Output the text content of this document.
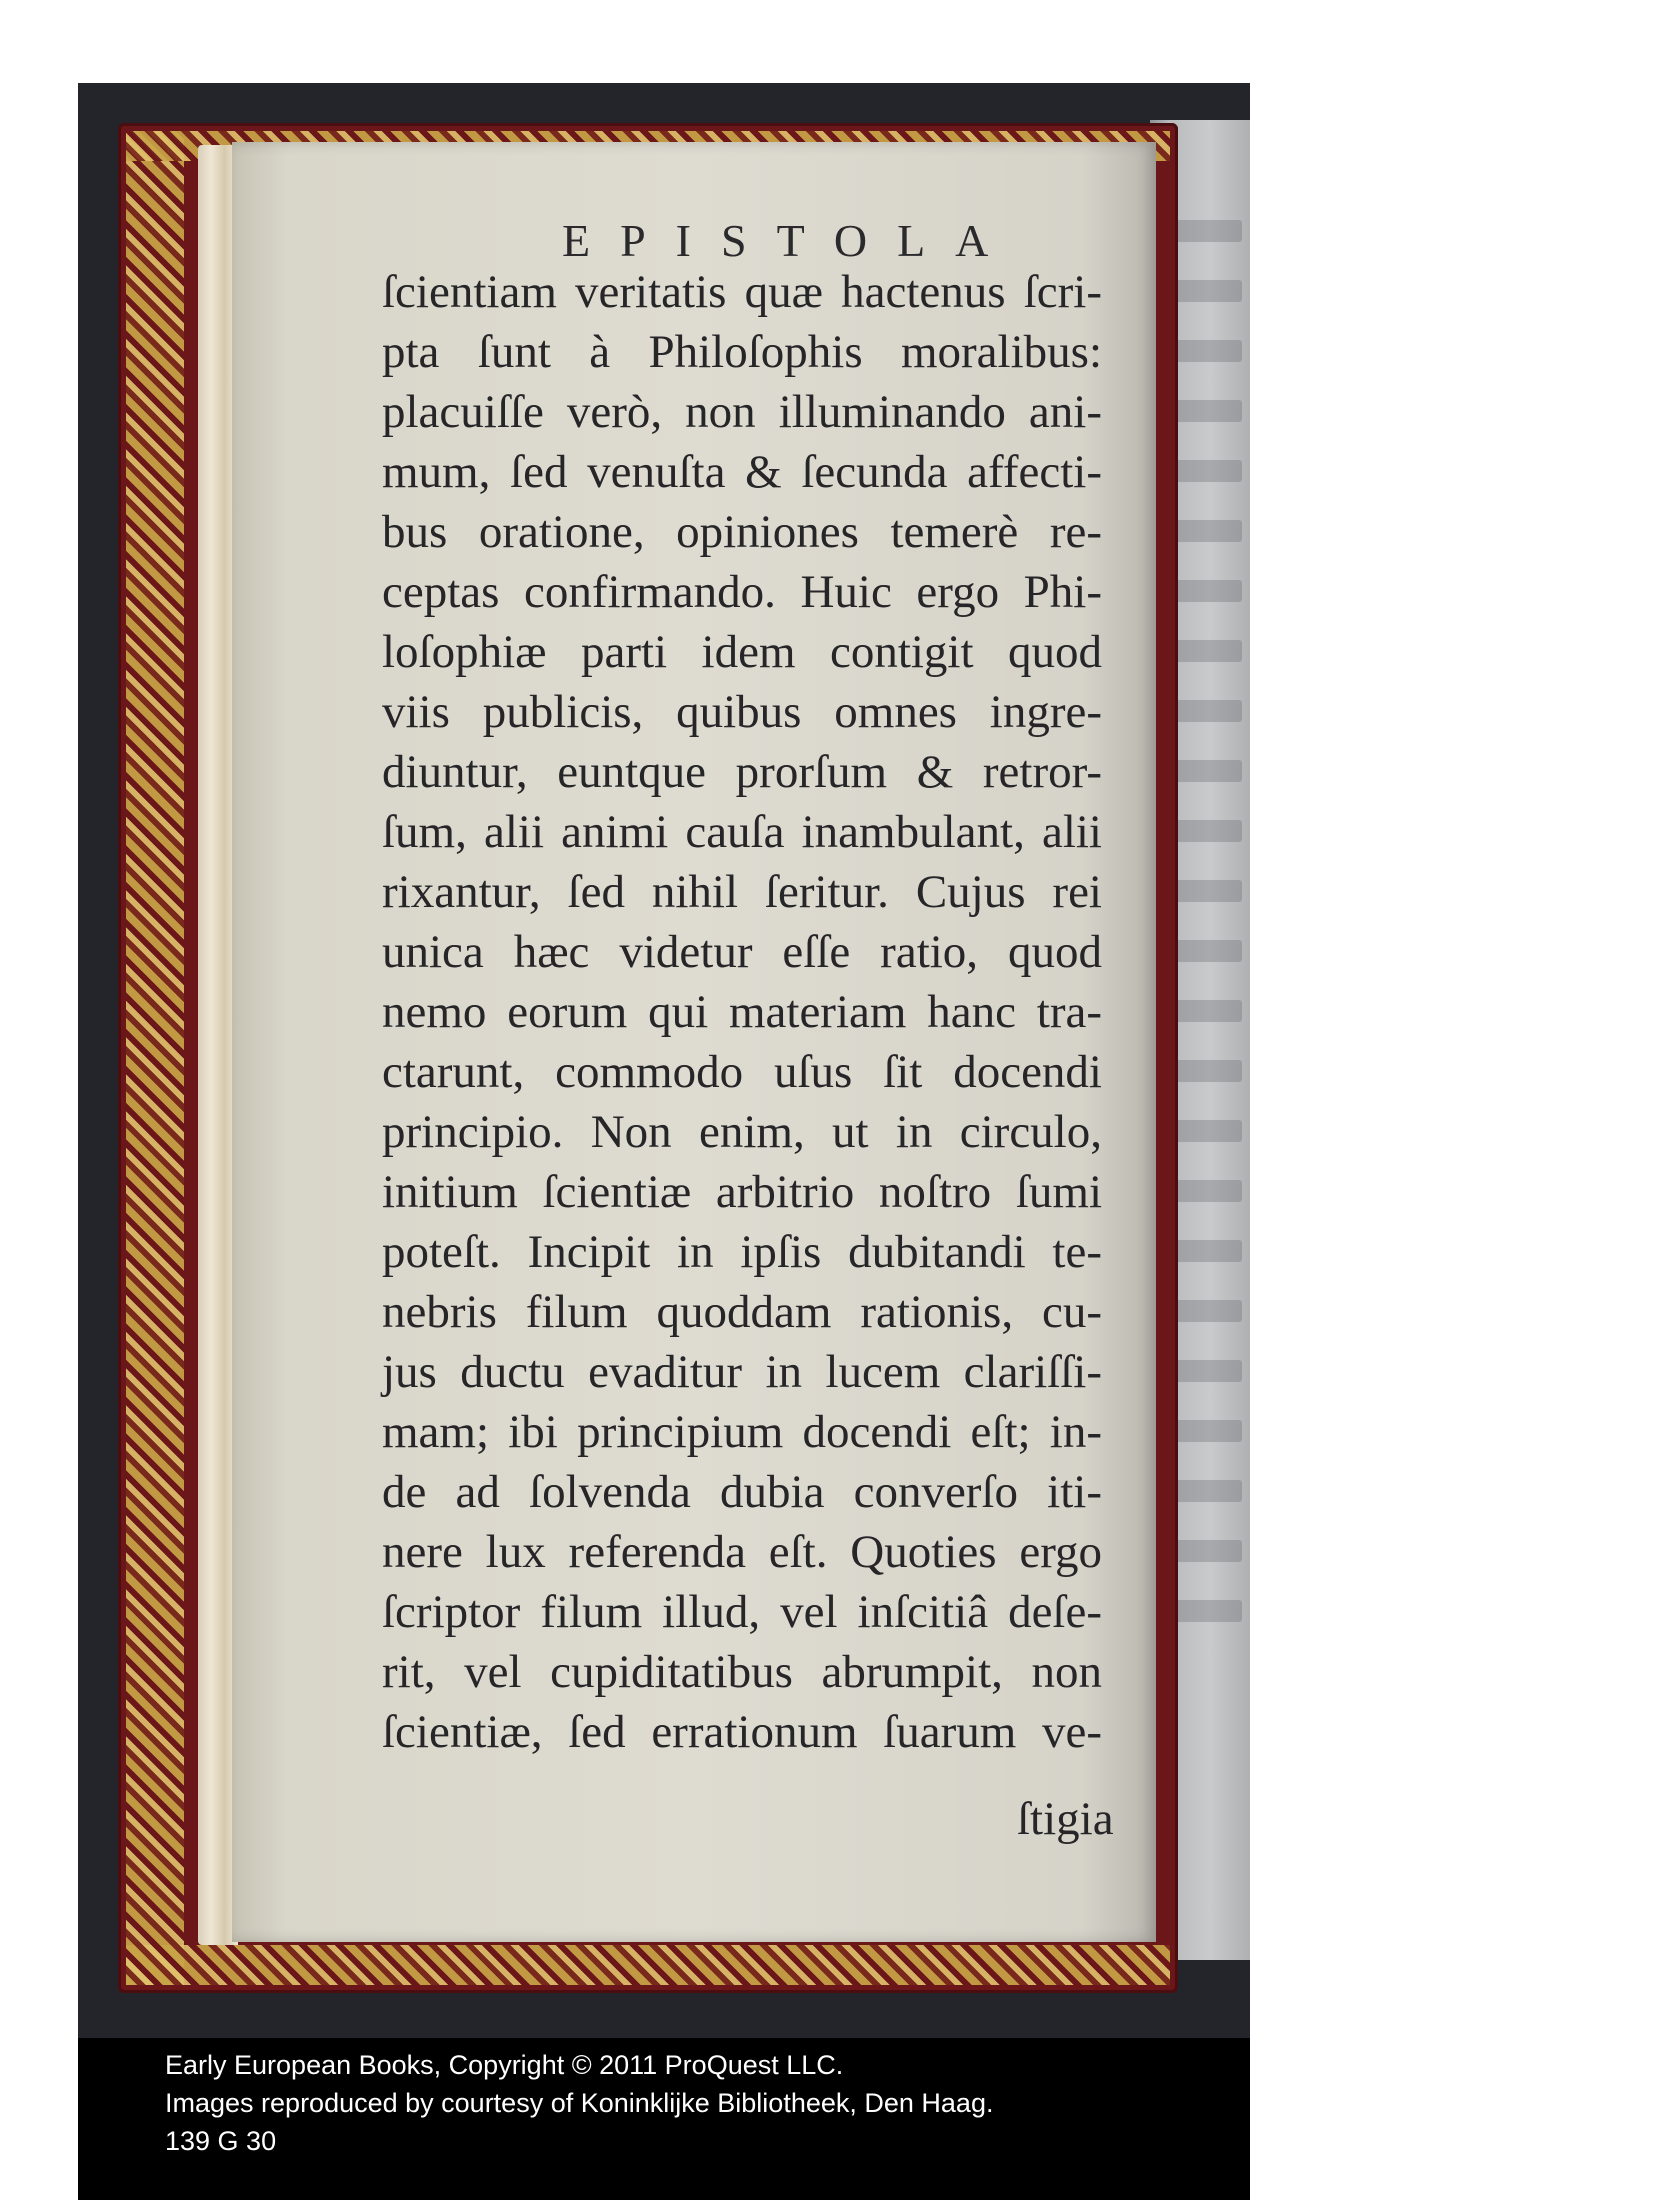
EPISTOLA
ſcientiam veritatis quæ hactenus ſcri-
pta ſunt à Philoſophis moralibus:
placuiſſe verò, non illuminando ani-
mum, ſed venuſta & ſecunda affecti-
bus oratione, opiniones temerè re-
ceptas confirmando. Huic ergo Phi-
loſophiæ parti idem contigit quod
viis publicis, quibus omnes ingre-
diuntur, euntque prorſum & retror-
ſum, alii animi cauſa inambulant, alii
rixantur, ſed nihil ſeritur. Cujus rei
unica hæc videtur eſſe ratio, quod
nemo eorum qui materiam hanc tra-
ctarunt, commodo uſus ſit docendi
principio. Non enim, ut in circulo,
initium ſcientiæ arbitrio noſtro ſumi
poteſt. Incipit in ipſis dubitandi te-
nebris filum quoddam rationis, cu-
jus ductu evaditur in lucem clariſſi-
mam; ibi principium docendi eſt; in-
de ad ſolvenda dubia converſo iti-
nere lux referenda eſt. Quoties ergo
ſcriptor filum illud, vel inſcitiâ deſe-
rit, vel cupiditatibus abrumpit, non
ſcientiæ, ſed errationum ſuarum ve-
ſtigia
Early European Books, Copyright © 2011 ProQuest LLC.
Images reproduced by courtesy of Koninklijke Bibliotheek, Den Haag.
139 G 30
